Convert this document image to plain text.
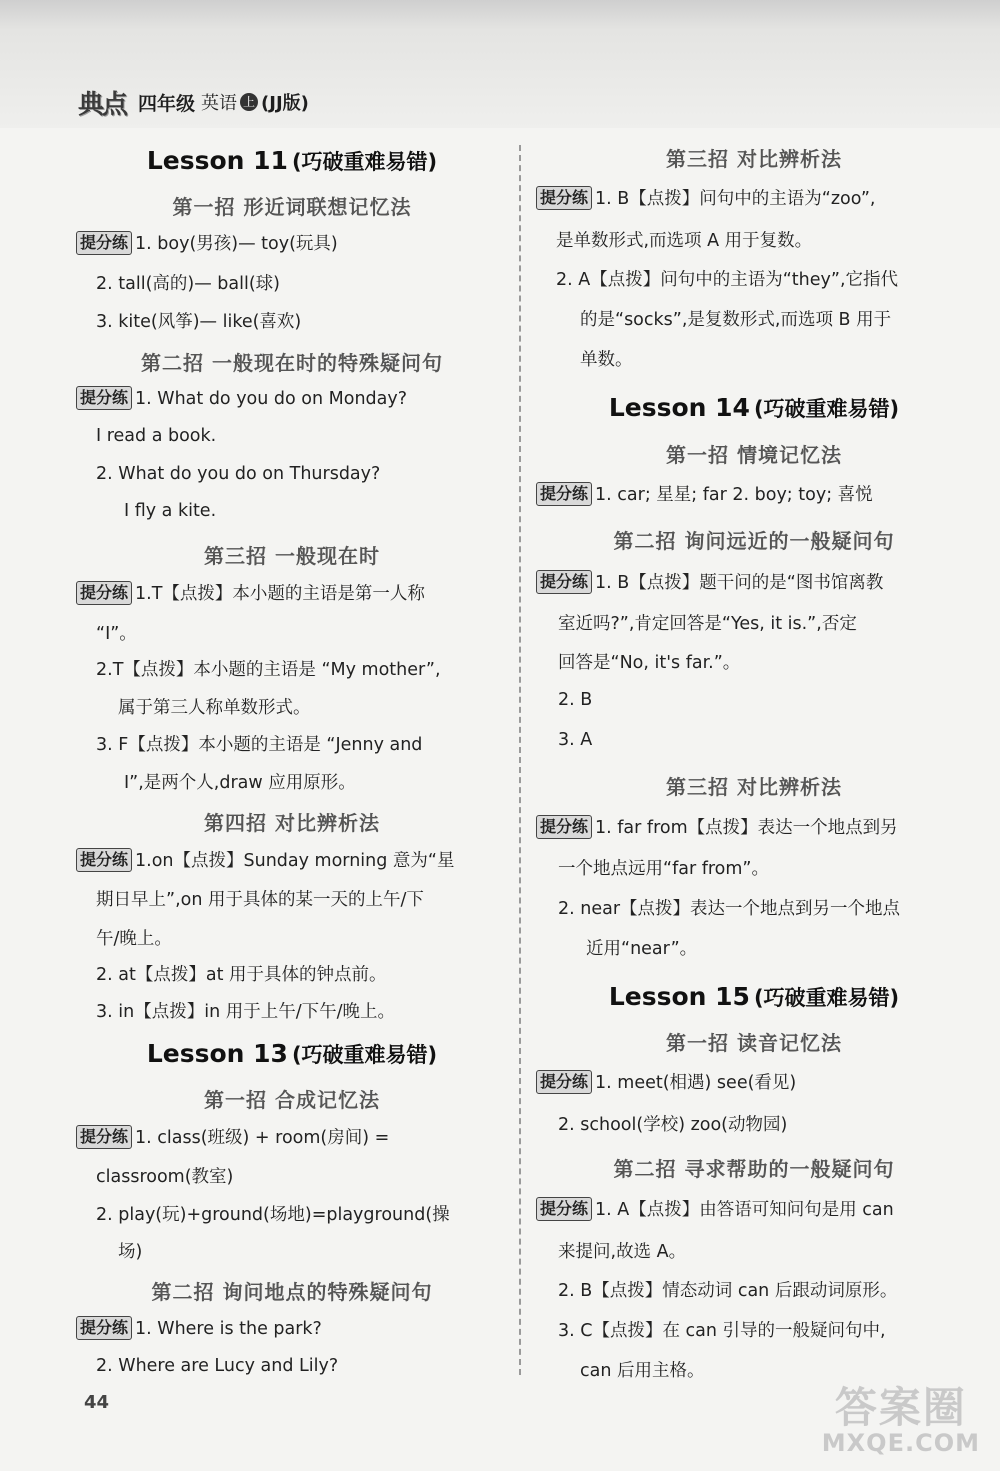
典点 四年级 英语 上 (JJ版)
Lesson 11 (巧破重难易错)
第一招 形近词联想记忆法
提分练 1. boy(男孩)— toy(玩具)
2. tall(高的)— ball(球)
3. kite(风筝)— like(喜欢)
第二招 一般现在时的特殊疑问句
提分练 1. What do you do on Monday?
I read a book.
2. What do you do on Thursday?
I fly a kite.
第三招 一般现在时
提分练 1.T【点拨】本小题的主语是第一人称
“I”。
2.T【点拨】本小题的主语是 “My mother”,
属于第三人称单数形式。
3. F【点拨】本小题的主语是 “Jenny and
I”,是两个人,draw 应用原形。
第四招 对比辨析法
提分练 1.on【点拨】Sunday morning 意为“星
期日早上”,on 用于具体的某一天的上午/下
午/晚上。
2. at【点拨】at 用于具体的钟点前。
3. in【点拨】in 用于上午/下午/晚上。
Lesson 13 (巧破重难易错)
第一招 合成记忆法
提分练 1. class(班级) + room(房间) =
classroom(教室)
2. play(玩)+ground(场地)=playground(操
场)
第二招 询问地点的特殊疑问句
提分练 1. Where is the park?
2. Where are Lucy and Lily?
第三招 对比辨析法
提分练 1. B【点拨】问句中的主语为“zoo”,
是单数形式,而选项 A 用于复数。
2. A【点拨】问句中的主语为“they”,它指代
的是“socks”,是复数形式,而选项 B 用于
单数。
Lesson 14 (巧破重难易错)
第一招 情境记忆法
提分练 1. car; 星星; far 2. boy; toy; 喜悦
第二招 询问远近的一般疑问句
提分练 1. B【点拨】题干问的是“图书馆离教
室近吗?”,肯定回答是“Yes, it is.”,否定
回答是“No, it's far.”。
2. B
3. A
第三招 对比辨析法
提分练 1. far from【点拨】表达一个地点到另
一个地点远用“far from”。
2. near【点拨】表达一个地点到另一个地点
近用“near”。
Lesson 15 (巧破重难易错)
第一招 读音记忆法
提分练 1. meet(相遇) see(看见)
2. school(学校) zoo(动物园)
第二招 寻求帮助的一般疑问句
提分练 1. A【点拨】由答语可知问句是用 can
来提问,故选 A。
2. B【点拨】情态动词 can 后跟动词原形。
3. C【点拨】在 can 引导的一般疑问句中,
can 后用主格。
44	答案圈
MXQE.COM
